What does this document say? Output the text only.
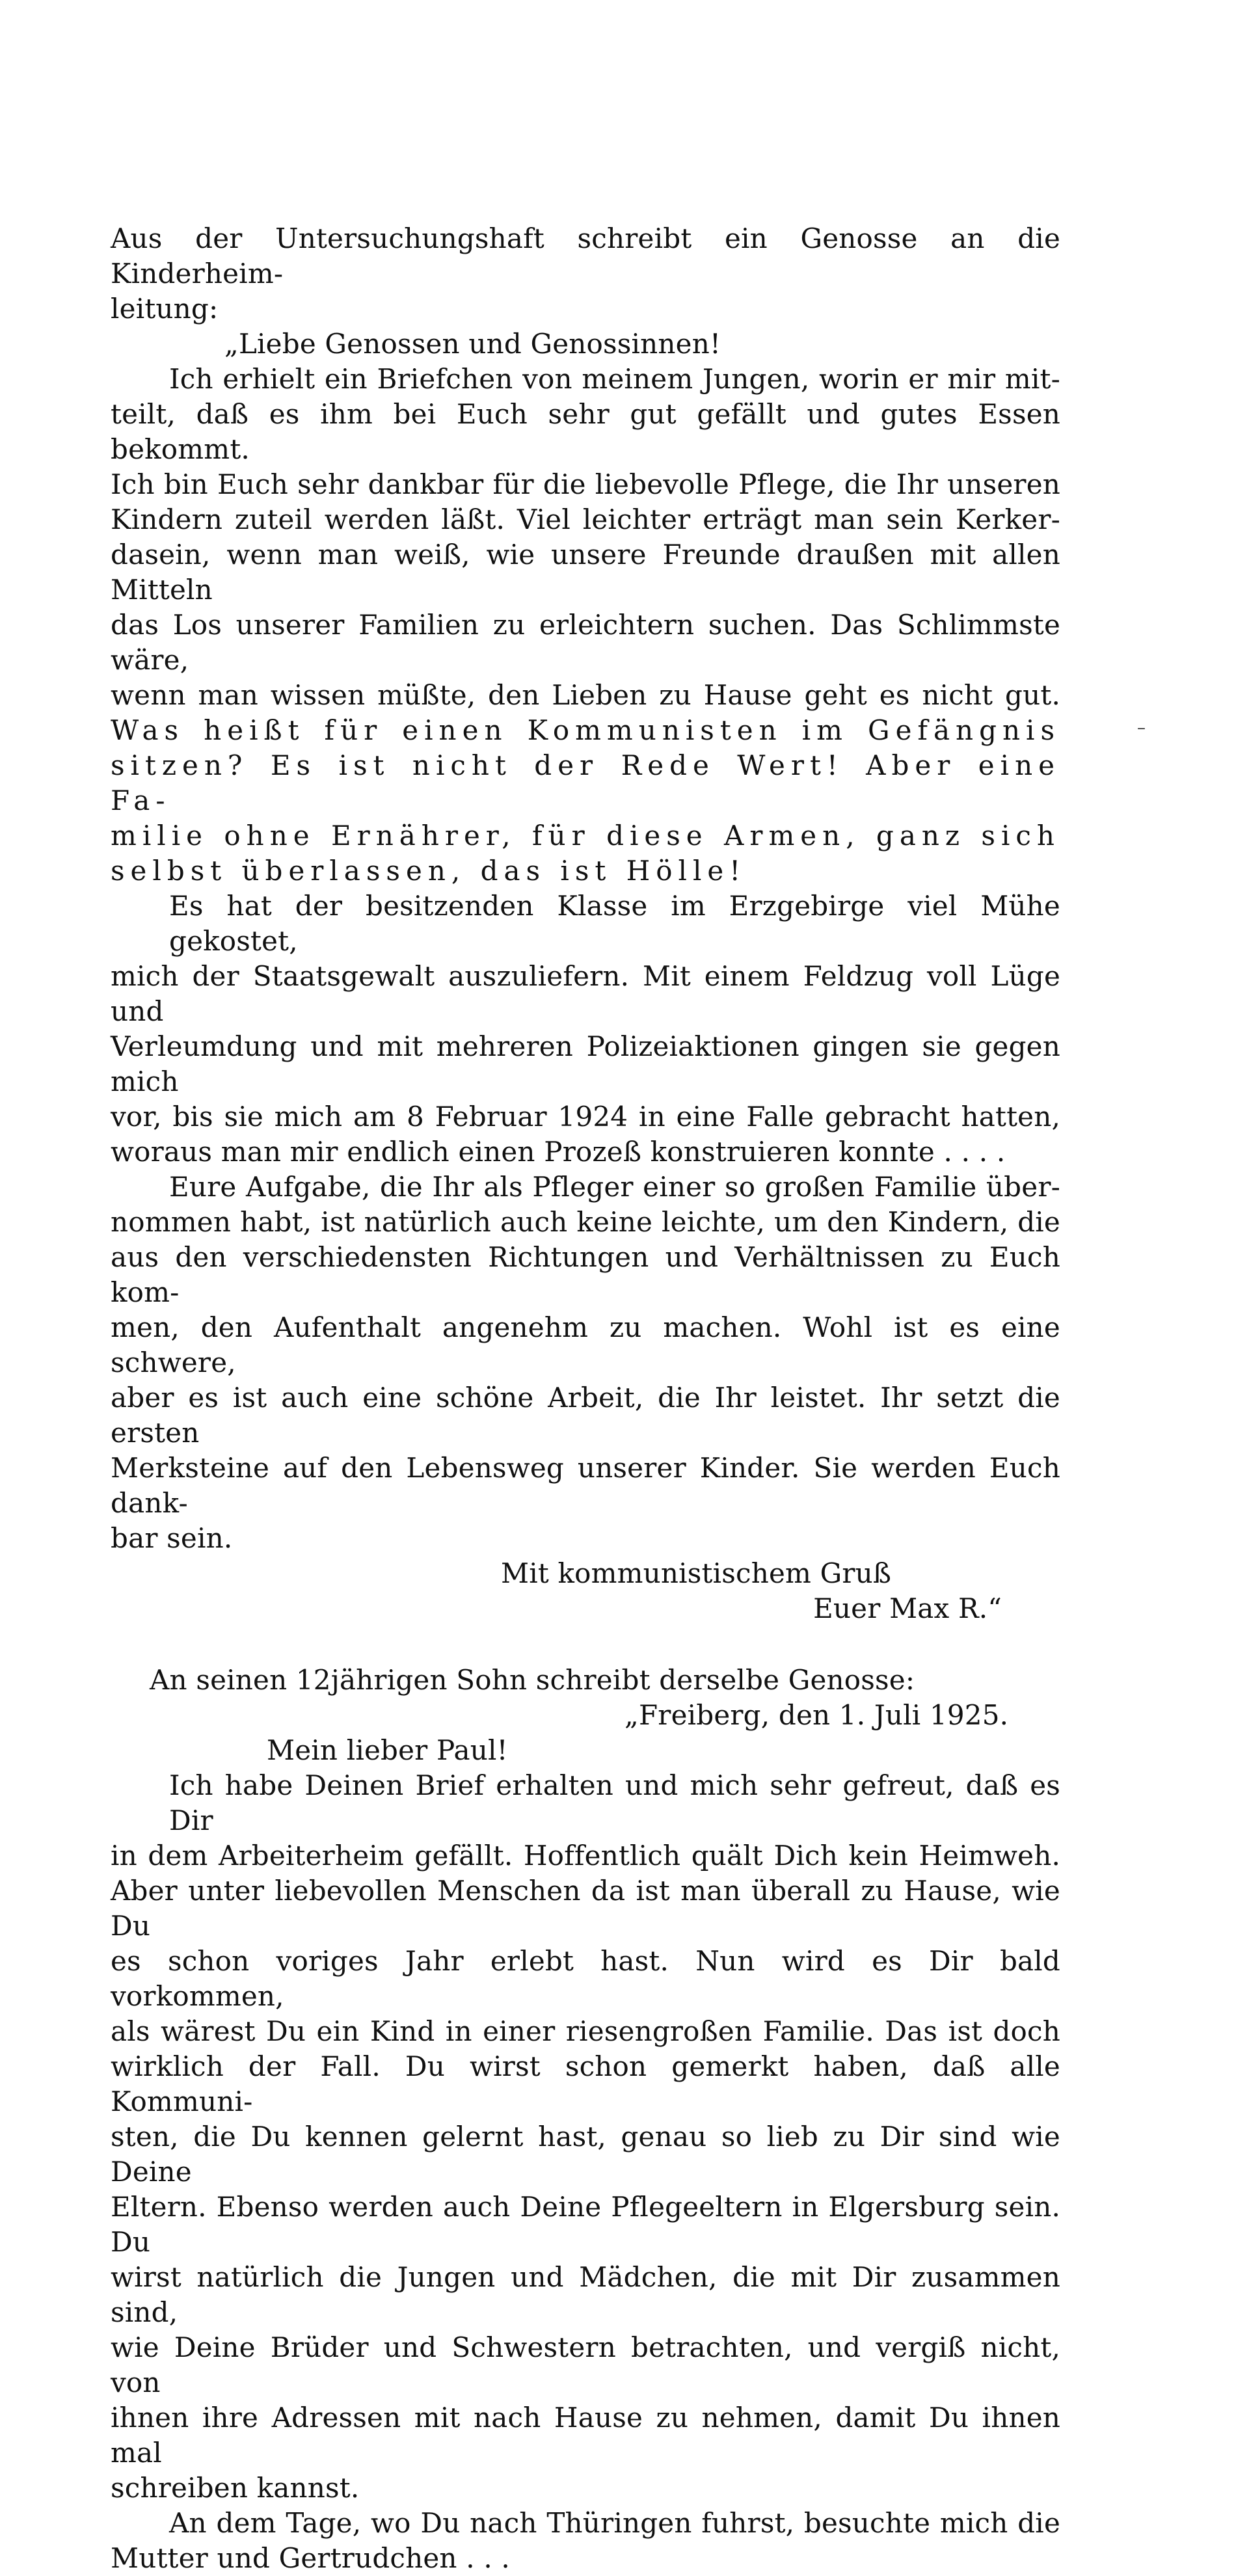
Aus der Untersuchungshaft schreibt ein Genosse an die Kinderheim-
leitung:
„Liebe Genossen und Genossinnen!
Ich erhielt ein Briefchen von meinem Jungen, worin er mir mit-
teilt, daß es ihm bei Euch sehr gut gefällt und gutes Essen bekommt.
Ich bin Euch sehr dankbar für die liebevolle Pflege, die Ihr unseren
Kindern zuteil werden läßt. Viel leichter erträgt man sein Kerker-
dasein, wenn man weiß, wie unsere Freunde draußen mit allen Mitteln
das Los unserer Familien zu erleichtern suchen. Das Schlimmste wäre,
wenn man wissen müßte, den Lieben zu Hause geht es nicht gut.
Was heißt für einen Kommunisten im Gefängnis
sitzen? Es ist nicht der Rede Wert! Aber eine Fa-
milie ohne Ernährer, für diese Armen, ganz sich
selbst überlassen, das ist Hölle!
Es hat der besitzenden Klasse im Erzgebirge viel Mühe gekostet,
mich der Staatsgewalt auszuliefern. Mit einem Feldzug voll Lüge und
Verleumdung und mit mehreren Polizeiaktionen gingen sie gegen mich
vor, bis sie mich am 8 Februar 1924 in eine Falle gebracht hatten,
woraus man mir endlich einen Prozeß konstruieren konnte . . . .
Eure Aufgabe, die Ihr als Pfleger einer so großen Familie über-
nommen habt, ist natürlich auch keine leichte, um den Kindern, die
aus den verschiedensten Richtungen und Verhältnissen zu Euch kom-
men, den Aufenthalt angenehm zu machen. Wohl ist es eine schwere,
aber es ist auch eine schöne Arbeit, die Ihr leistet. Ihr setzt die ersten
Merksteine auf den Lebensweg unserer Kinder. Sie werden Euch dank-
bar sein.
Mit kommunistischem Gruß
Euer Max R.“
An seinen 12jährigen Sohn schreibt derselbe Genosse:
„Freiberg, den 1. Juli 1925.
Mein lieber Paul!
Ich habe Deinen Brief erhalten und mich sehr gefreut, daß es Dir
in dem Arbeiterheim gefällt. Hoffentlich quält Dich kein Heimweh.
Aber unter liebevollen Menschen da ist man überall zu Hause, wie Du
es schon voriges Jahr erlebt hast. Nun wird es Dir bald vorkommen,
als wärest Du ein Kind in einer riesengroßen Familie. Das ist doch
wirklich der Fall. Du wirst schon gemerkt haben, daß alle Kommuni-
sten, die Du kennen gelernt hast, genau so lieb zu Dir sind wie Deine
Eltern. Ebenso werden auch Deine Pflegeeltern in Elgersburg sein. Du
wirst natürlich die Jungen und Mädchen, die mit Dir zusammen sind,
wie Deine Brüder und Schwestern betrachten, und vergiß nicht, von
ihnen ihre Adressen mit nach Hause zu nehmen, damit Du ihnen mal
schreiben kannst.
An dem Tage, wo Du nach Thüringen fuhrst, besuchte mich die
Mutter und Gertrudchen . . .
–
